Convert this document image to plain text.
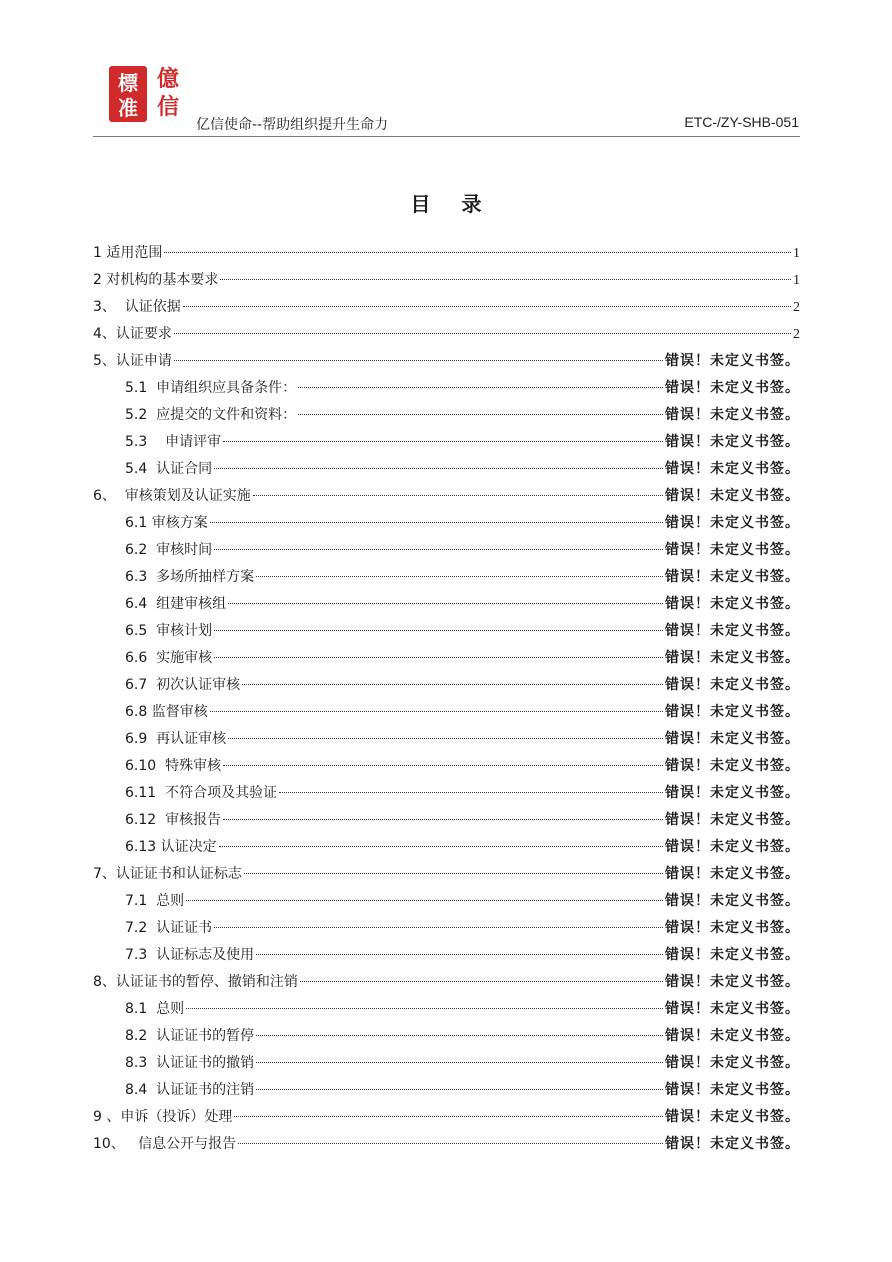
標
准
億
信
亿信使命--帮助组织提升生命力	ETC-/ZY-SHB-051
目 录
1 适用范围	1
2 对机构的基本要求	1
3、  认证依据	2
4、认证要求	2
5、认证申请	错误！未定义书签。
5.1  申请组织应具备条件：	错误！未定义书签。
5.2  应提交的文件和资料：	错误！未定义书签。
5.3    申请评审	错误！未定义书签。
5.4  认证合同	错误！未定义书签。
6、  审核策划及认证实施	错误！未定义书签。
6.1 审核方案	错误！未定义书签。
6.2  审核时间	错误！未定义书签。
6.3  多场所抽样方案	错误！未定义书签。
6.4  组建审核组	错误！未定义书签。
6.5  审核计划	错误！未定义书签。
6.6  实施审核	错误！未定义书签。
6.7  初次认证审核	错误！未定义书签。
6.8 监督审核	错误！未定义书签。
6.9  再认证审核	错误！未定义书签。
6.10  特殊审核	错误！未定义书签。
6.11  不符合项及其验证	错误！未定义书签。
6.12  审核报告	错误！未定义书签。
6.13 认证决定	错误！未定义书签。
7、认证证书和认证标志	错误！未定义书签。
7.1  总则	错误！未定义书签。
7.2  认证证书	错误！未定义书签。
7.3  认证标志及使用	错误！未定义书签。
8、认证证书的暂停、撤销和注销	错误！未定义书签。
8.1  总则	错误！未定义书签。
8.2  认证证书的暂停	错误！未定义书签。
8.3  认证证书的撤销	错误！未定义书签。
8.4  认证证书的注销	错误！未定义书签。
9 、申诉（投诉）处理	错误！未定义书签。
10、   信息公开与报告	错误！未定义书签。
